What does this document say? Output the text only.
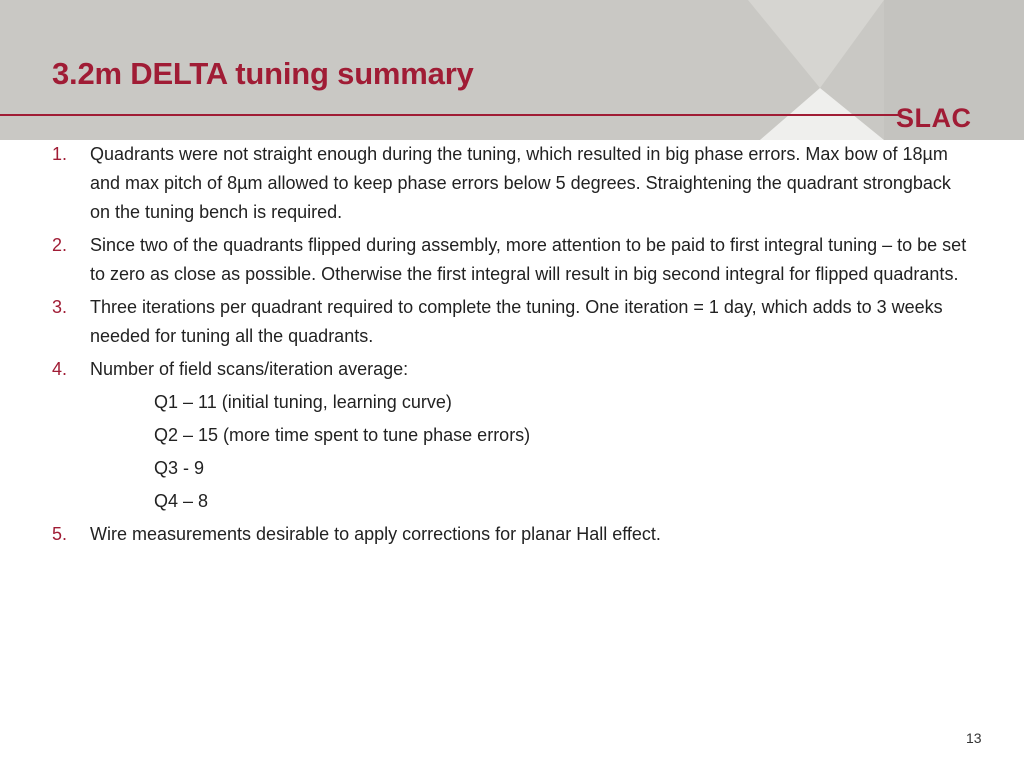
3.2m DELTA tuning summary
SLAC
1. Quadrants were not straight enough during the tuning, which resulted in big phase errors. Max bow of 18µm and max pitch of 8µm allowed to keep phase errors below 5 degrees. Straightening the quadrant strongback on the tuning bench is required.
2. Since two of the quadrants flipped during assembly, more attention to be paid to first integral tuning – to be set to zero as close as possible. Otherwise the first integral will result in big second integral for flipped quadrants.
3. Three iterations per quadrant required to complete the tuning. One iteration = 1 day, which adds to 3 weeks needed for tuning all the quadrants.
4. Number of field scans/iteration average:
Q1 – 11 (initial tuning, learning curve)
Q2 – 15 (more time spent to tune phase errors)
Q3 - 9
Q4 – 8
5. Wire measurements desirable to apply corrections for planar Hall effect.
13
